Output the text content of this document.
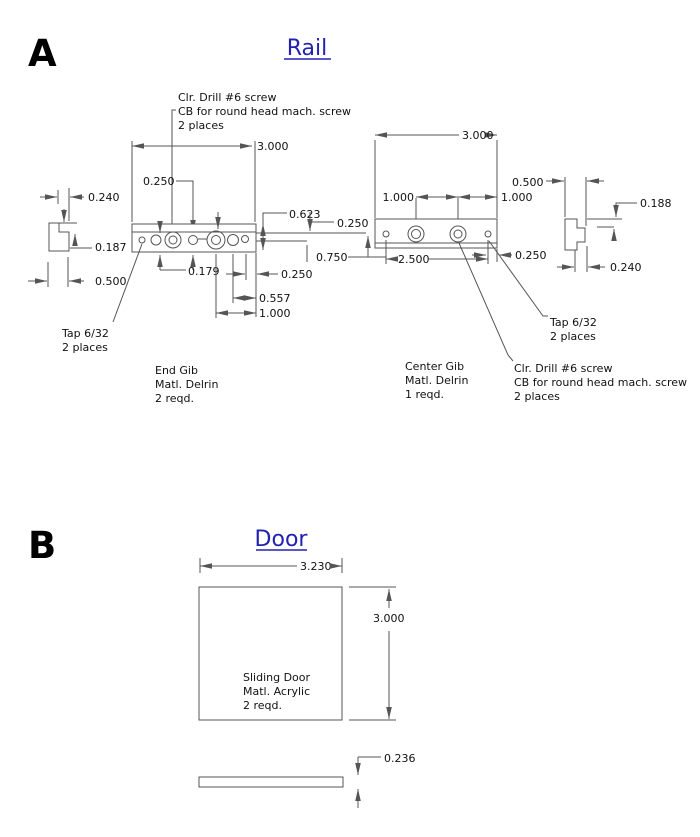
A	Rail
Clr. Drill #6 screw
CB for round head mach. screw
2 places
3.000
0.250
0.623
0.250
0.750
0.179	0.250
0.557
1.000
Tap 6/32
2 places
End Gib
Matl. Delrin
2 reqd.
0.240
0.187
0.500
3.000
1.000	1.000
2.500	0.250
0.500
0.188
0.240
Tap 6/32
2 places
Clr. Drill #6 screw
CB for round head mach. screw
2 places
Center Gib
Matl. Delrin
1 reqd.
B	Door
3.230
Sliding Door
Matl. Acrylic
2 reqd.
3.000
0.236
